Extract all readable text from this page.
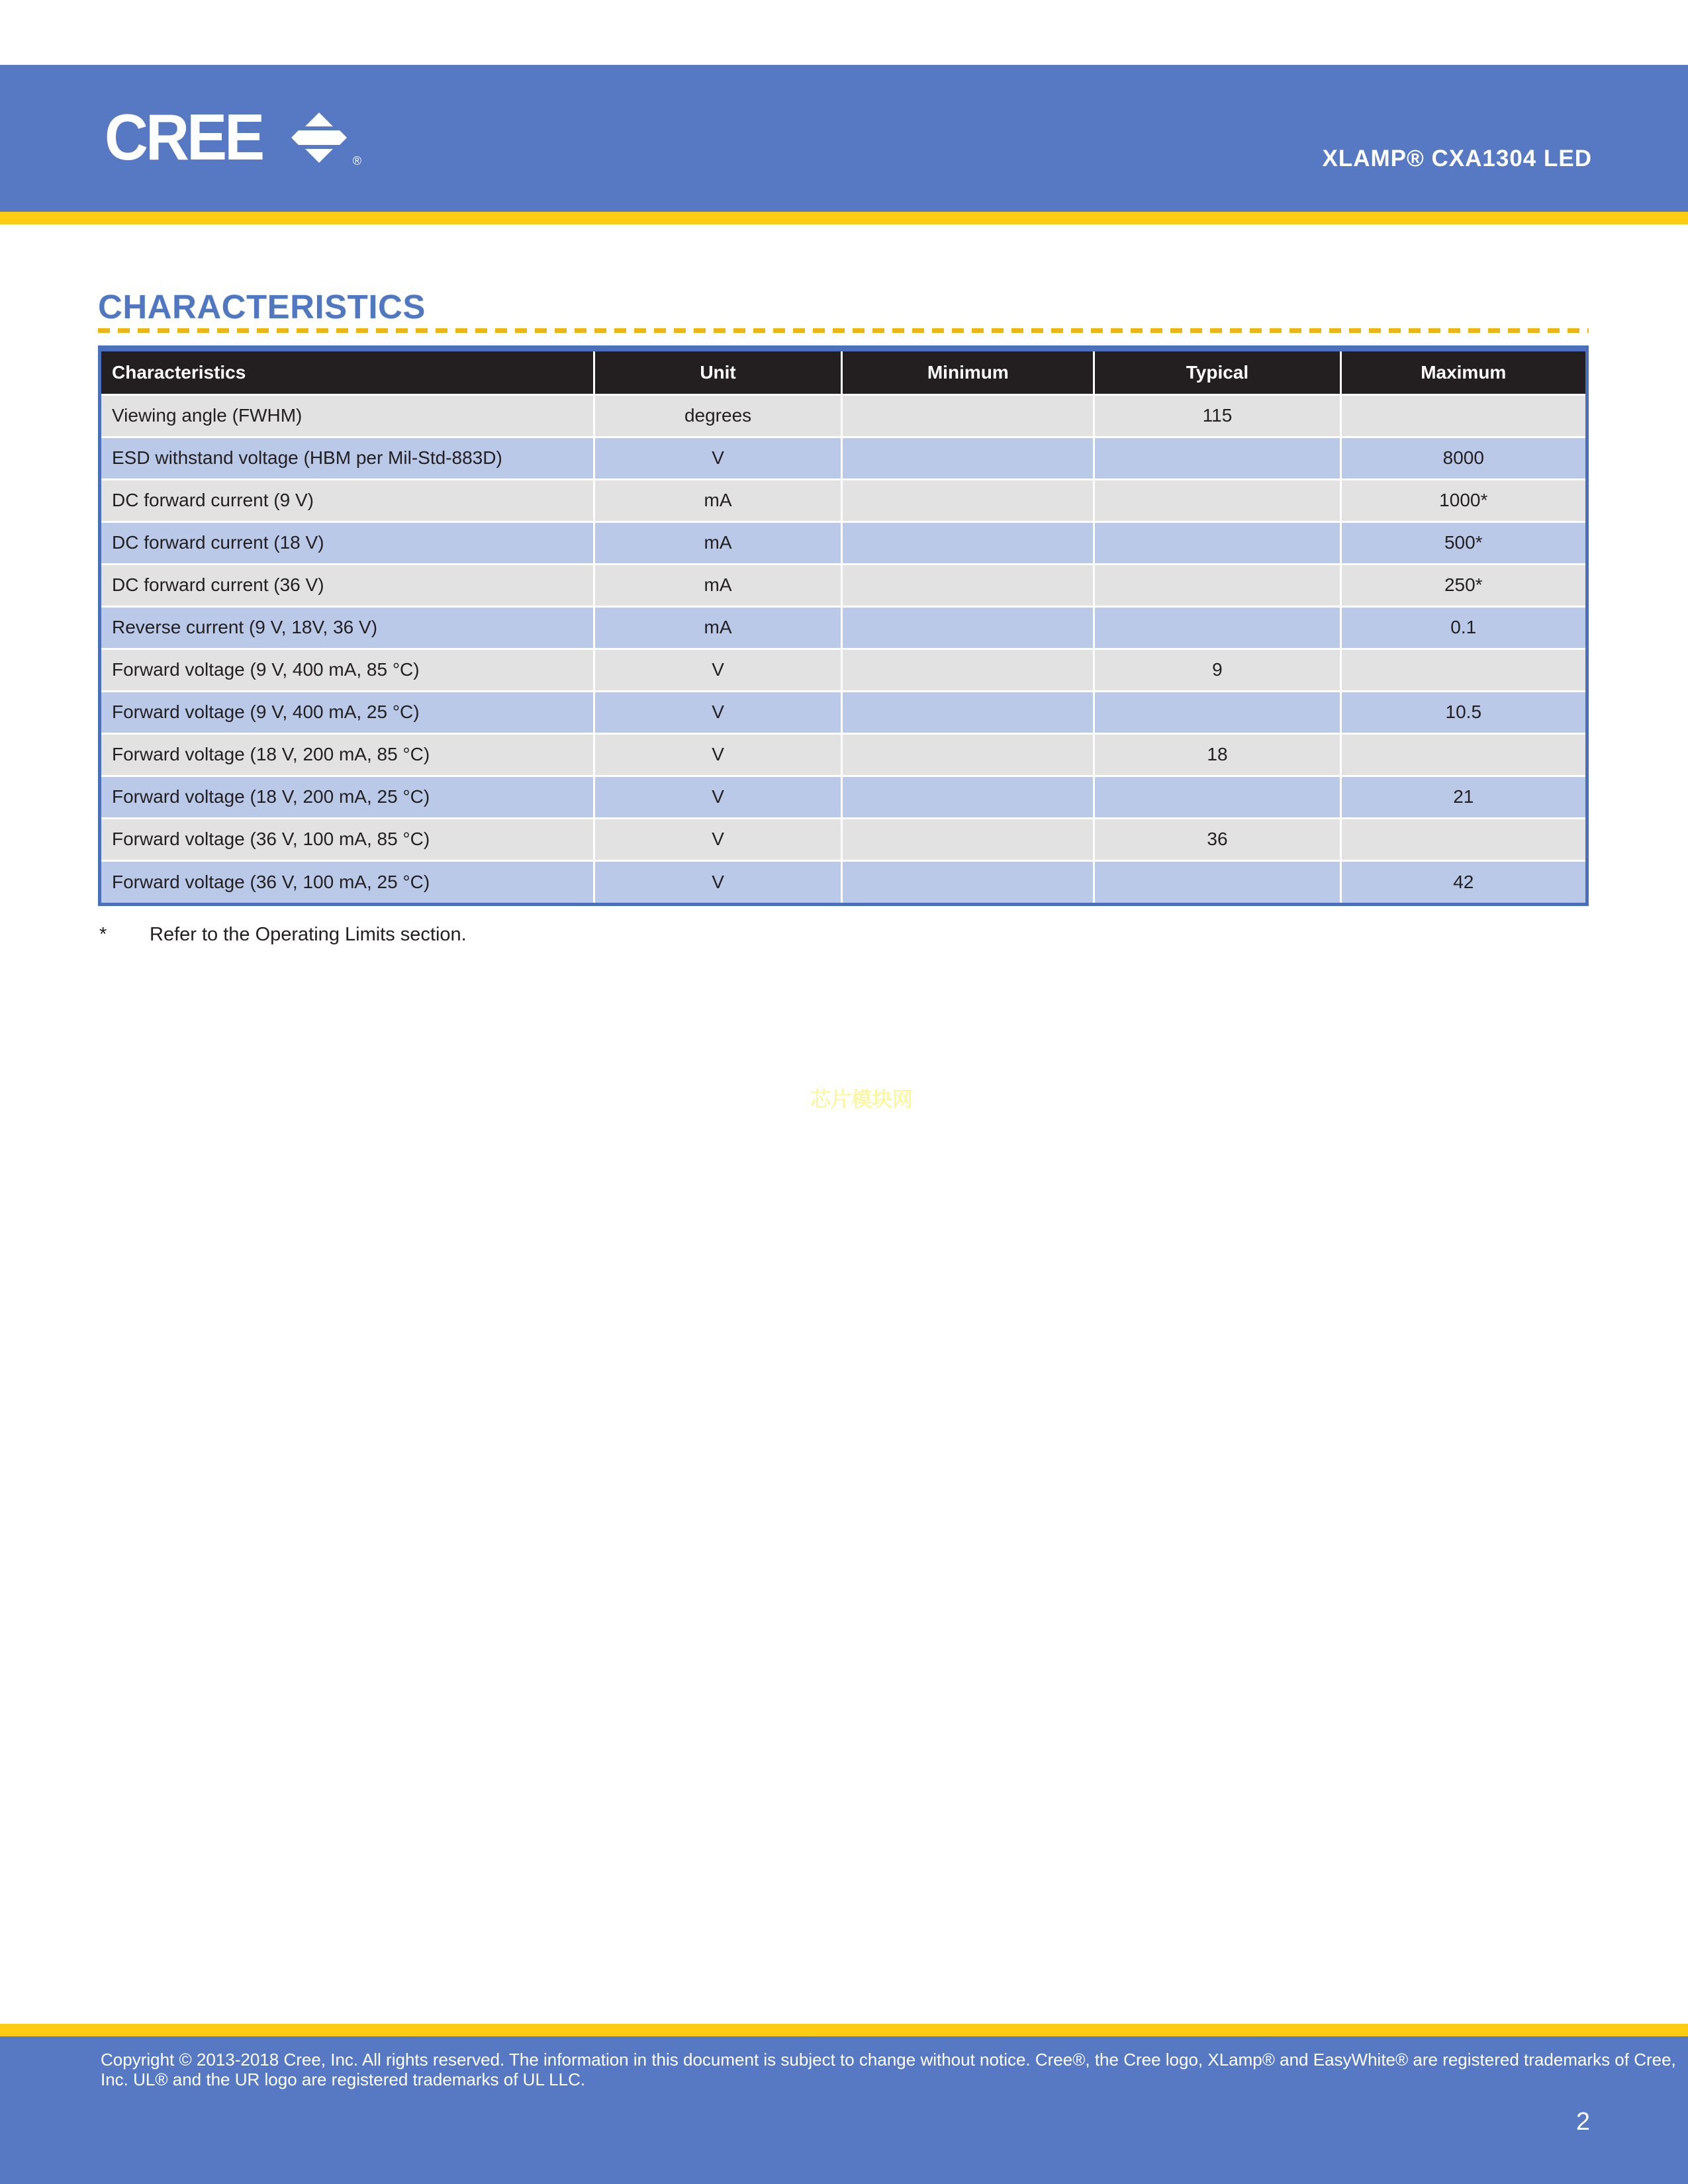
CREE	®	XLAMP® CXA1304 LED
CHARACTERISTICS
Characteristics	Unit	Minimum	Typical	Maximum
Viewing angle (FWHM)	degrees		115	
ESD withstand voltage (HBM per Mil-Std-883D)	V			8000
DC forward current (9 V)	mA			1000*
DC forward current (18 V)	mA			500*
DC forward current (36 V)	mA			250*
Reverse current (9 V, 18V, 36 V)	mA			0.1
Forward voltage (9 V, 400 mA, 85 °C)	V		9	
Forward voltage (9 V, 400 mA, 25 °C)	V			10.5
Forward voltage (18 V, 200 mA, 85 °C)	V		18	
Forward voltage (18 V, 200 mA, 25 °C)	V			21
Forward voltage (36 V, 100 mA, 85 °C)	V		36	
Forward voltage (36 V, 100 mA, 25 °C)	V			42
* Refer to the Operating Limits section.
芯片模块网
Copyright © 2013-2018 Cree, Inc. All rights reserved. The information in this document is subject to change without notice. Cree®, the Cree logo, XLamp® and EasyWhite® are registered trademarks of Cree,
Inc. UL® and the UR logo are registered trademarks of UL LLC.
2
